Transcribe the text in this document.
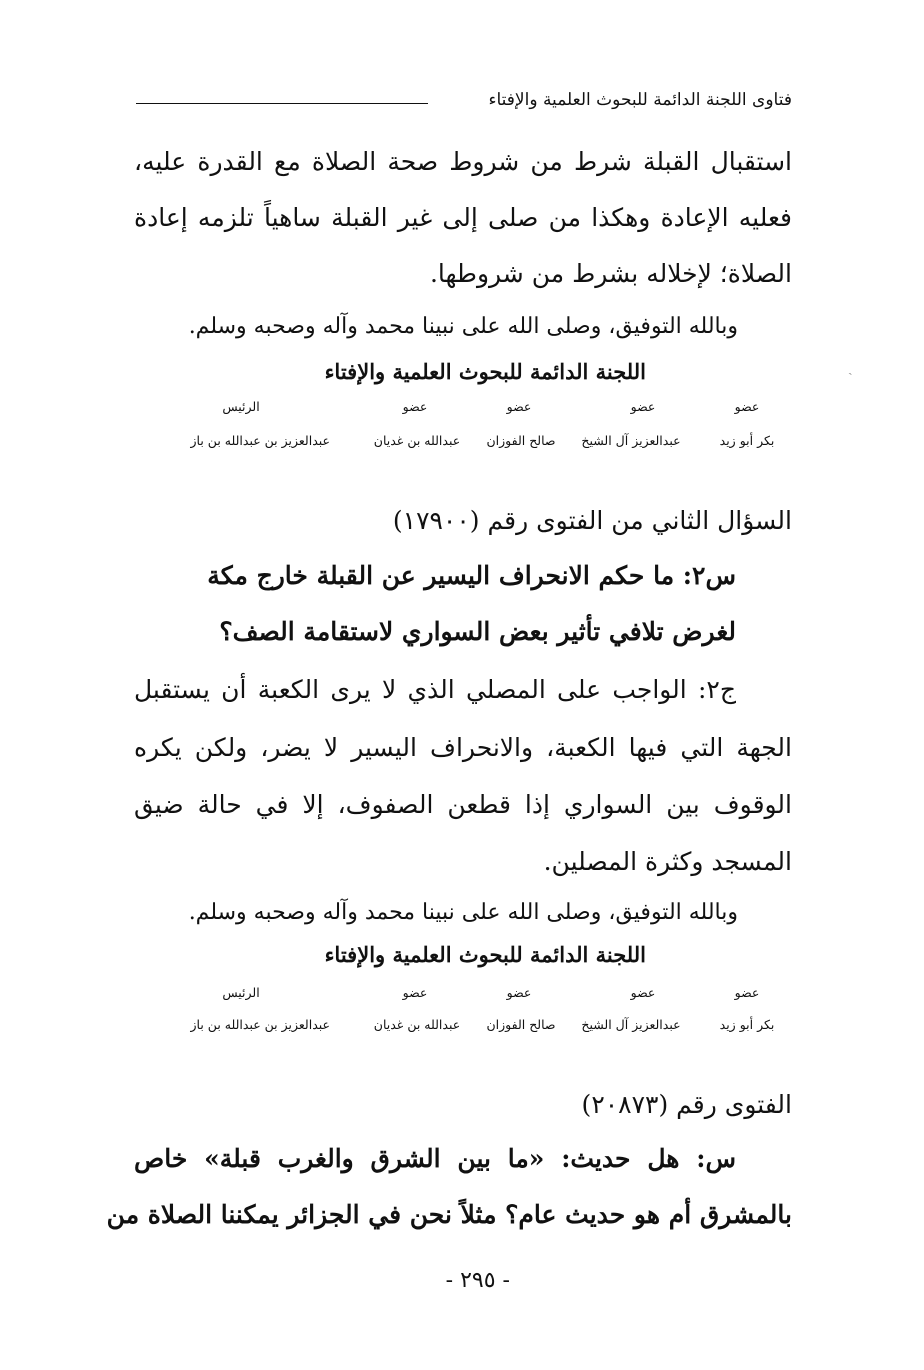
فتاوى اللجنة الدائمة للبحوث العلمية والإفتاء
استقبال القبلة شرط من شروط صحة الصلاة مع القدرة عليه،
فعليه الإعادة وهكذا من صلى إلى غير القبلة ساهياً تلزمه إعادة
الصلاة؛ لإخلاله بشرط من شروطها.
وبالله التوفيق، وصلى الله على نبينا محمد وآله وصحبه وسلم.
اللجنة الدائمة للبحوث العلمية والإفتاء
عضو
عضو
عضو
عضو
الرئيس
بكر أبو زيد
عبدالعزيز آل الشيخ
صالح الفوزان
عبدالله بن غديان
عبدالعزيز بن عبدالله بن باز
السؤال الثاني من الفتوى رقم (١٧٩٠٠)
س٢: ما حكم الانحراف اليسير عن القبلة خارج مكة
لغرض تلافي تأثير بعض السواري لاستقامة الصف؟
ج٢: الواجب على المصلي الذي لا يرى الكعبة أن يستقبل
الجهة التي فيها الكعبة، والانحراف اليسير لا يضر، ولكن يكره
الوقوف بين السواري إذا قطعن الصفوف، إلا في حالة ضيق
المسجد وكثرة المصلين.
وبالله التوفيق، وصلى الله على نبينا محمد وآله وصحبه وسلم.
اللجنة الدائمة للبحوث العلمية والإفتاء
عضو
عضو
عضو
عضو
الرئيس
بكر أبو زيد
عبدالعزيز آل الشيخ
صالح الفوزان
عبدالله بن غديان
عبدالعزيز بن عبدالله بن باز
الفتوى رقم (٢٠٨٧٣)
س: هل حديث: «ما بين الشرق والغرب قبلة» خاص
بالمشرق أم هو حديث عام؟ مثلاً نحن في الجزائر يمكننا الصلاة من
- ٢٩٥ -
ˏ
